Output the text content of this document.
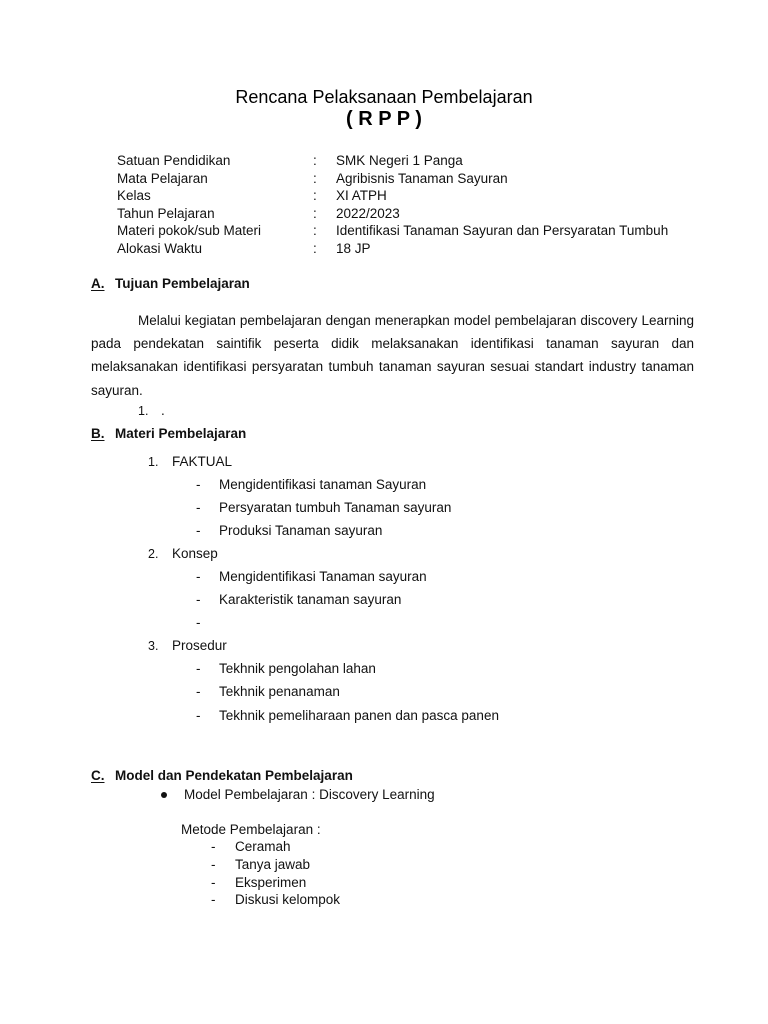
Rencana Pelaksanaan Pembelajaran
( R P P )
Satuan Pendidikan	: SMK Negeri 1 Panga
Mata Pelajaran	: Agribisnis Tanaman Sayuran
Kelas	: XI ATPH
Tahun Pelajaran	: 2022/2023
Materi pokok/sub Materi	: Identifikasi Tanaman Sayuran dan Persyaratan Tumbuh
Alokasi Waktu	: 18 JP
A. Tujuan Pembelajaran
Melalui kegiatan pembelajaran dengan menerapkan model pembelajaran discovery Learning pada pendekatan saintifik peserta didik melaksanakan identifikasi tanaman sayuran dan melaksanakan identifikasi persyaratan tumbuh tanaman sayuran sesuai standart industry tanaman sayuran.
1. .
B. Materi Pembelajaran
1. FAKTUAL
- Mengidentifikasi tanaman Sayuran
- Persyaratan tumbuh Tanaman sayuran
- Produksi Tanaman sayuran
2. Konsep
- Mengidentifikasi Tanaman sayuran
- Karakteristik tanaman sayuran
-
3. Prosedur
- Tekhnik pengolahan lahan
- Tekhnik penanaman
- Tekhnik pemeliharaan panen dan pasca panen
C. Model dan Pendekatan Pembelajaran
Model Pembelajaran : Discovery Learning
Metode Pembelajaran :
- Ceramah
- Tanya jawab
- Eksperimen
- Diskusi kelompok
